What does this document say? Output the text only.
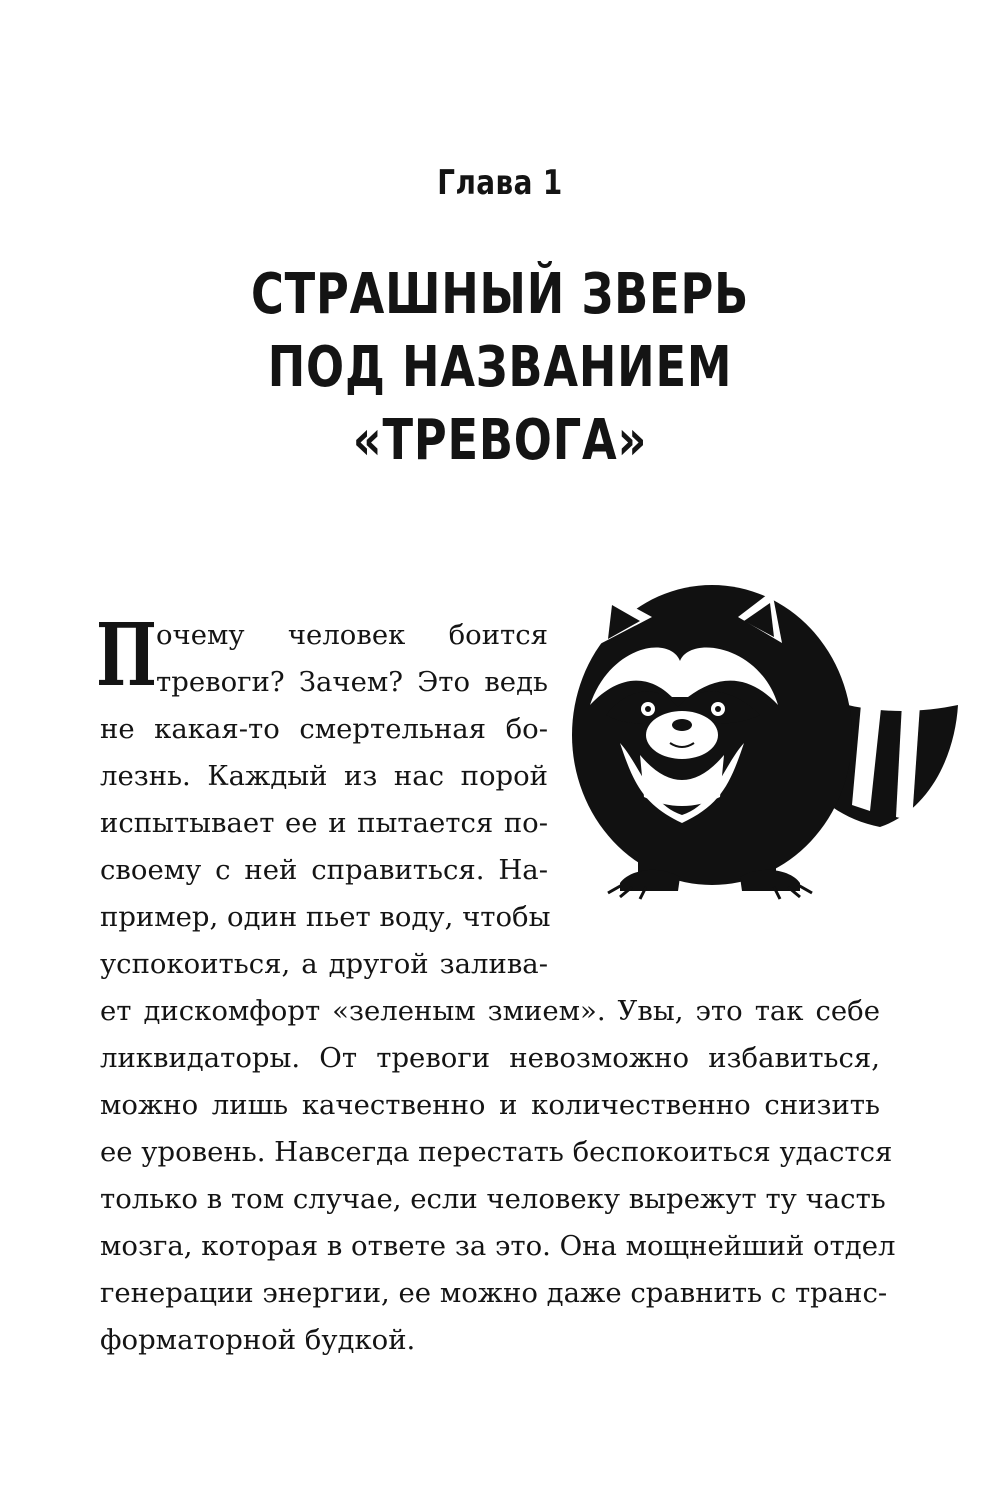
Глава 1
СТРАШНЫЙ ЗВЕРЬ
ПОД НАЗВАНИЕМ
«ТРЕВОГА»
П очему человек боится
тревоги? Зачем? Это ведь
не какая-то смертельная бо-
лезнь. Каждый из нас порой
испытывает ее и пытается по-
своему с ней справиться. На-
пример, один пьет воду, чтобы
успокоиться, а другой залива-
ет дискомфорт «зеленым змием». Увы, это так себе
ликвидаторы. От тревоги невозможно избавиться,
можно лишь качественно и количественно снизить
ее уровень. Навсегда перестать беспокоиться удастся
только в том случае, если человеку вырежут ту часть
мозга, которая в ответе за это. Она мощнейший отдел
генерации энергии, ее можно даже сравнить с транс-
форматорной будкой.
